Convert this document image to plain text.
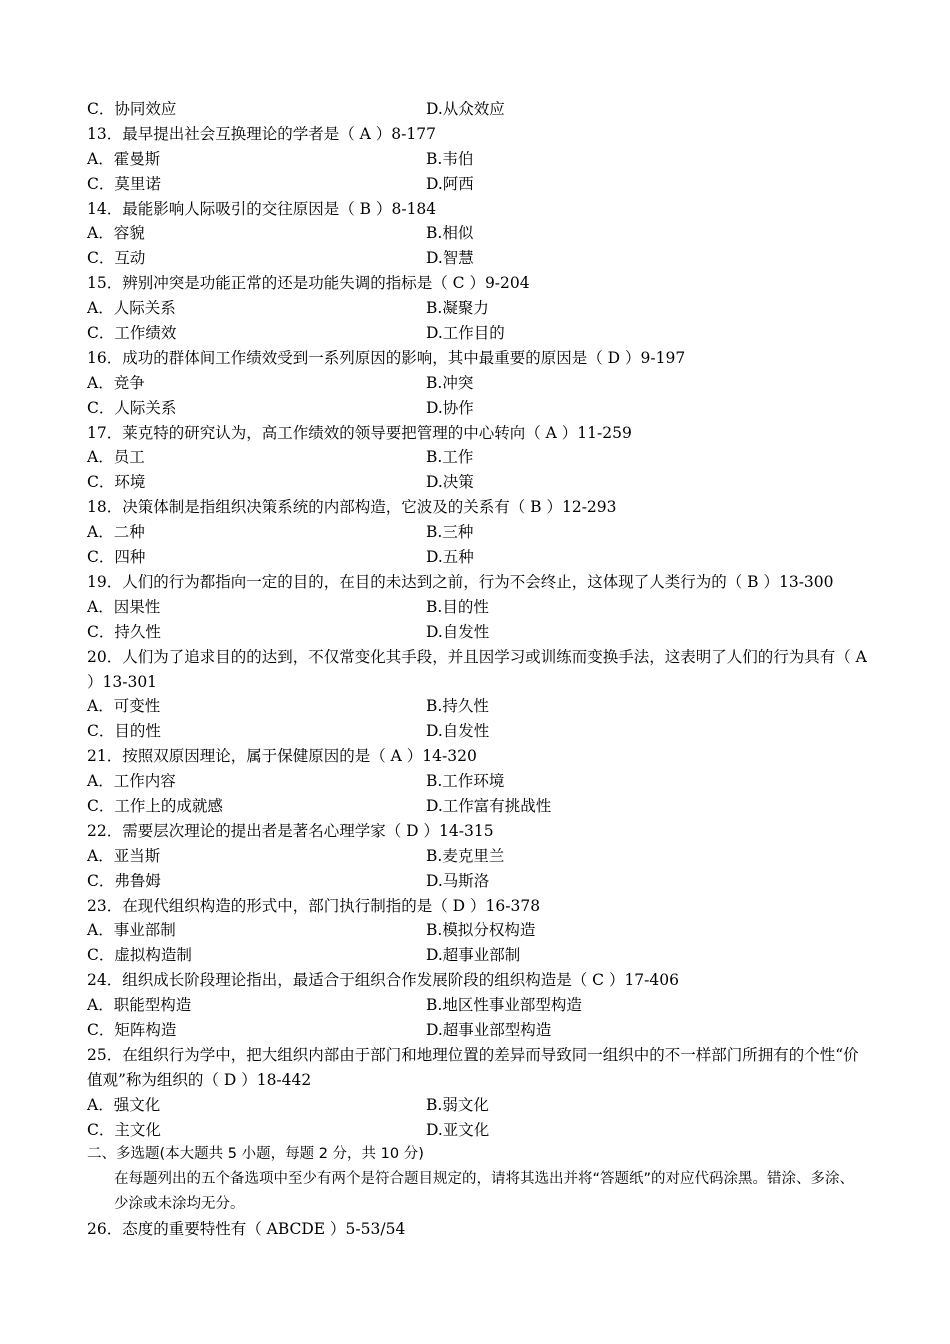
C．协同效应	D.从众效应
13．最早提出社会互换理论的学者是（ A ）8-177
A．霍曼斯	B.韦伯
C．莫里诺	D.阿西
14．最能影响人际吸引的交往原因是（ B ）8-184
A．容貌	B.相似
C．互动	D.智慧
15．辨别冲突是功能正常的还是功能失调的指标是（ C ）9-204
A．人际关系	B.凝聚力
C．工作绩效	D.工作目的
16．成功的群体间工作绩效受到一系列原因的影响，其中最重要的原因是（ D ）9-197
A．竞争	B.冲突
C．人际关系	D.协作
17．莱克特的研究认为，高工作绩效的领导要把管理的中心转向（ A ）11-259
A．员工	B.工作
C．环境	D.决策
18．决策体制是指组织决策系统的内部构造，它波及的关系有（ B ）12-293
A．二种	B.三种
C．四种	D.五种
19．人们的行为都指向一定的目的，在目的未达到之前，行为不会终止，这体现了人类行为的（ B ）13-300
A．因果性	B.目的性
C．持久性	D.自发性
20．人们为了追求目的的达到，不仅常变化其手段，并且因学习或训练而变换手法，这表明了人们的行为具有（ A ）13-301
A．可变性	B.持久性
C．目的性	D.自发性
21．按照双原因理论，属于保健原因的是（ A ）14-320
A．工作内容	B.工作环境
C．工作上的成就感	D.工作富有挑战性
22．需要层次理论的提出者是著名心理学家（ D ）14-315
A．亚当斯	B.麦克里兰
C．弗鲁姆	D.马斯洛
23．在现代组织构造的形式中，部门执行制指的是（ D ）16-378
A．事业部制	B.模拟分权构造
C．虚拟构造制	D.超事业部制
24．组织成长阶段理论指出，最适合于组织合作发展阶段的组织构造是（ C ）17-406
A．职能型构造	B.地区性事业部型构造
C．矩阵构造	D.超事业部型构造
25．在组织行为学中，把大组织内部由于部门和地理位置的差异而导致同一组织中的不一样部门所拥有的个性“价值观”称为组织的（ D ）18-442
A．强文化	B.弱文化
C．主文化	D.亚文化
二、多选题(本大题共 5 小题，每题 2 分，共 10 分)
在每题列出的五个备选项中至少有两个是符合题目规定的，请将其选出并将“答题纸”的对应代码涂黑。错涂、多涂、少涂或未涂均无分。
26．态度的重要特性有（ ABCDE ）5-53/54
